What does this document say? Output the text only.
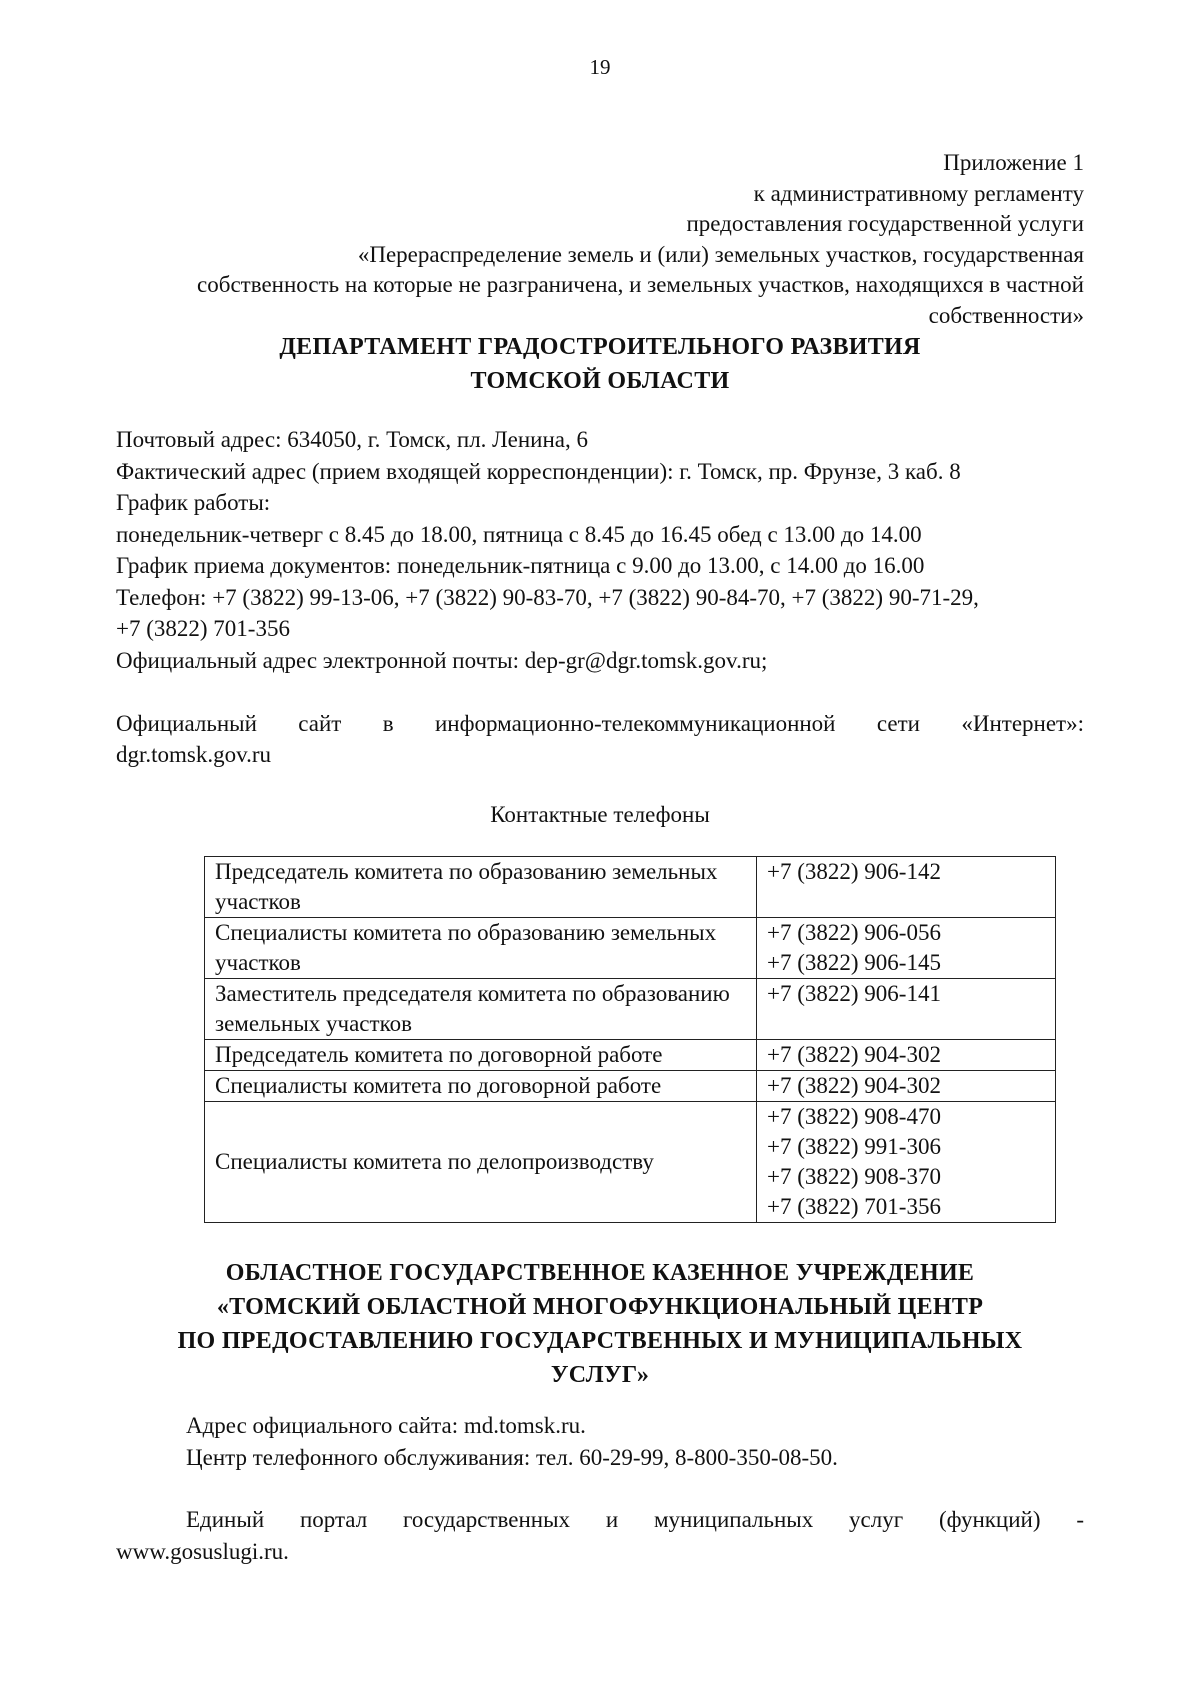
19
Приложение 1
к административному регламенту
предоставления государственной услуги
«Перераспределение земель и (или) земельных участков, государственная
собственность на которые не разграничена, и земельных участков, находящихся в частной
собственности»
ДЕПАРТАМЕНТ ГРАДОСТРОИТЕЛЬНОГО РАЗВИТИЯ
ТОМСКОЙ ОБЛАСТИ
Почтовый адрес: 634050, г. Томск, пл. Ленина, 6
Фактический адрес (прием входящей корреспонденции): г. Томск, пр. Фрунзе, 3 каб. 8
График работы:
понедельник-четверг с 8.45 до 18.00, пятница с 8.45 до 16.45 обед с 13.00 до 14.00
График приема документов: понедельник-пятница с 9.00 до 13.00, с 14.00 до 16.00
Телефон: +7 (3822) 99-13-06, +7 (3822) 90-83-70, +7 (3822) 90-84-70, +7 (3822) 90-71-29,
+7 (3822) 701-356
Официальный адрес электронной почты: dep-gr@dgr.tomsk.gov.ru;
Официальный сайт в информационно-телекоммуникационной сети «Интернет»:
dgr.tomsk.gov.ru
Контактные телефоны
Председатель комитета по образованию земельных участков	+7 (3822) 906-142

Специалисты комитета по образованию земельных участков	+7 (3822) 906-056
+7 (3822) 906-145

Заместитель председателя комитета по образованию земельных участков	+7 (3822) 906-141

Председатель комитета по договорной работе	+7 (3822) 904-302

Специалисты комитета по договорной работе	+7 (3822) 904-302

Специалисты комитета по делопроизводству	+7 (3822) 908-470
+7 (3822) 991-306
+7 (3822) 908-370
+7 (3822) 701-356
ОБЛАСТНОЕ ГОСУДАРСТВЕННОЕ КАЗЕННОЕ УЧРЕЖДЕНИЕ
«ТОМСКИЙ ОБЛАСТНОЙ МНОГОФУНКЦИОНАЛЬНЫЙ ЦЕНТР
ПО ПРЕДОСТАВЛЕНИЮ ГОСУДАРСТВЕННЫХ И МУНИЦИПАЛЬНЫХ
УСЛУГ»
Адрес официального сайта: md.tomsk.ru.
Центр телефонного обслуживания: тел. 60-29-99, 8-800-350-08-50.
Единый портал государственных и муниципальных услуг (функций) -
www.gosuslugi.ru.
